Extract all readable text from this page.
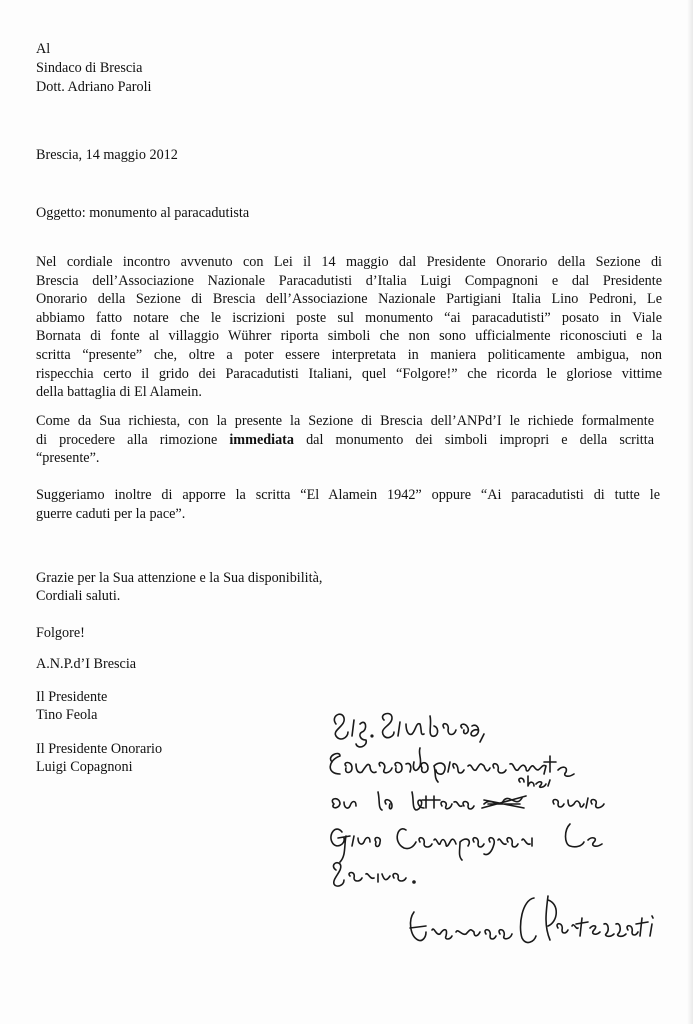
Al
Sindaco di Brescia
Dott. Adriano Paroli
Brescia, 14 maggio 2012
Oggetto: monumento al paracadutista
Nel cordiale incontro avvenuto con Lei il 14 maggio dal Presidente Onorario della Sezione di
Brescia dell’Associazione Nazionale Paracadutisti d’Italia Luigi Compagnoni e dal Presidente
Onorario della Sezione di Brescia dell’Associazione Nazionale Partigiani Italia Lino Pedroni, Le
abbiamo fatto notare che le iscrizioni poste sul monumento “ai paracadutisti” posato in Viale
Bornata di fonte al villaggio Wührer riporta simboli che non sono ufficialmente riconosciuti e la
scritta “presente” che, oltre a poter essere interpretata in maniera politicamente ambigua, non
rispecchia certo il grido dei Paracadutisti Italiani, quel “Folgore!” che ricorda le gloriose vittime
della battaglia di El Alamein.
Come da Sua richiesta, con la presente la Sezione di Brescia dell’ANPd’I le richiede formalmente
di procedere alla rimozione immediata dal monumento dei simboli impropri e della scritta
“presente”.
Suggeriamo inoltre di apporre la scritta “El Alamein 1942” oppure “Ai paracadutisti di tutte le
guerre caduti per la pace”.
Grazie per la Sua attenzione e la Sua disponibilità,
Cordiali saluti.
Folgore!
A.N.P.d’I Brescia
Il Presidente
Tino Feola
Il Presidente Onorario
Luigi Copagnoni
